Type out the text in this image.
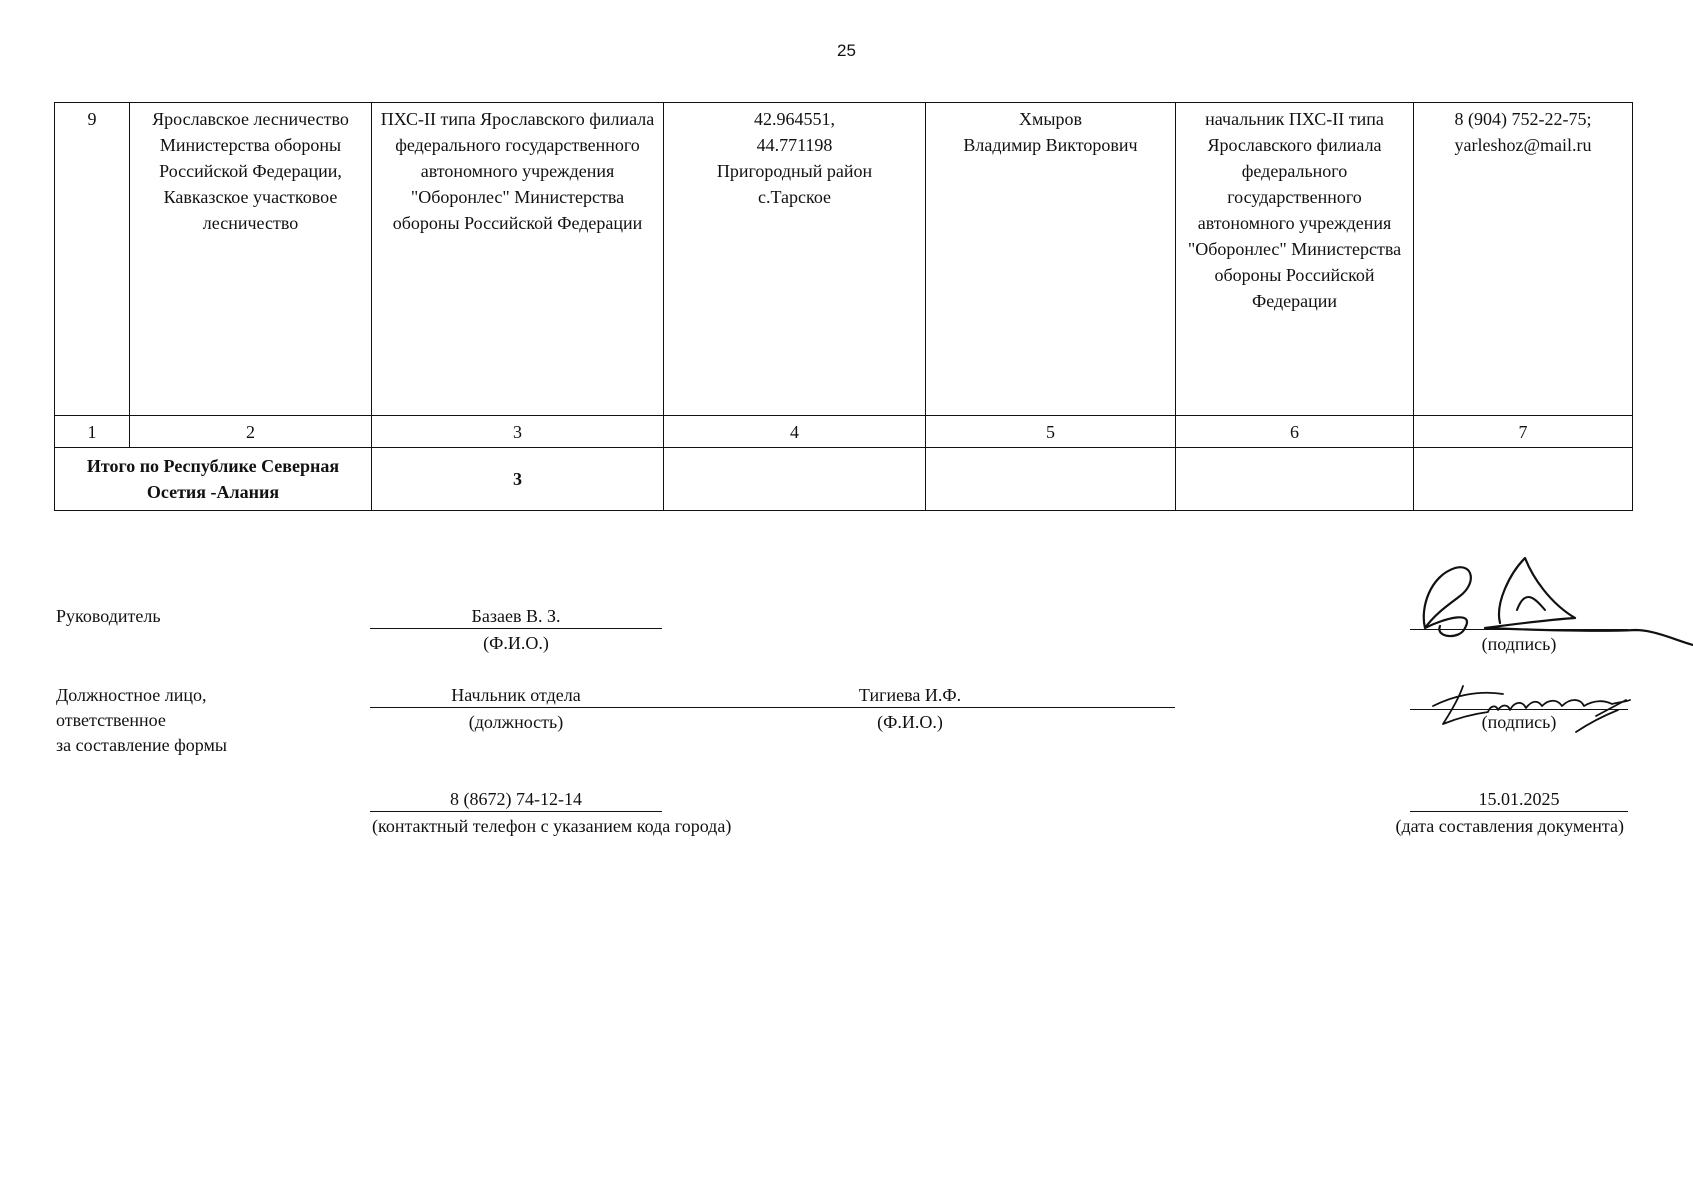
25
9	Ярославское лесничество Министерства обороны Российской Федерации, Кавказское участковое лесничество	ПХС-II типа Ярославского филиала федерального государственного автономного учреждения "Оборонлес" Министерства обороны Российской Федерации	42.964551,
44.771198
Пригородный район
с.Тарское	Хмыров
Владимир Викторович	начальник ПХС-II типа Ярославского филиала федерального государственного автономного учреждения "Оборонлес" Министерства обороны Российской Федерации	8 (904) 752-22-75;
yarleshoz@mail.ru

1	2	3	4	5	6	7
Итого по Республике Северная Осетия -Алания		3				
Руководитель	Базаев В. З.
(Ф.И.О.)	(подпись)
Должностное лицо,
ответственное
за составление формы
Начльник отдела
(должность)
Тигиева И.Ф.
(Ф.И.О.)	(подпись)
8 (8672) 74-12-14
(контактный телефон с указанием кода города)
15.01.2025
(дата составления документа)
